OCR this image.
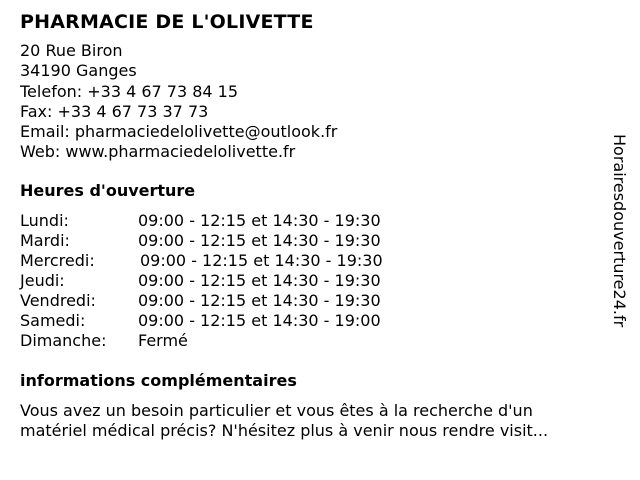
PHARMACIE DE L'OLIVETTE
20 Rue Biron
34190 Ganges
Telefon: +33 4 67 73 84 15
Fax: +33 4 67 73 37 73
Email: pharmaciedelolivette@outlook.fr
Web: www.pharmaciedelolivette.fr
Heures d'ouverture
Lundi:	09:00 - 12:15 et 14:30 - 19:30
Mardi:	09:00 - 12:15 et 14:30 - 19:30
Mercredi:	09:00 - 12:15 et 14:30 - 19:30
Jeudi:	09:00 - 12:15 et 14:30 - 19:30
Vendredi:	09:00 - 12:15 et 14:30 - 19:30
Samedi:	09:00 - 12:15 et 14:30 - 19:00
Dimanche:	Fermé
informations complémentaires
Vous avez un besoin particulier et vous êtes à la recherche d'un matériel médical précis? N'hésitez plus à venir nous rendre visit...
Horairesdouverture24.fr
